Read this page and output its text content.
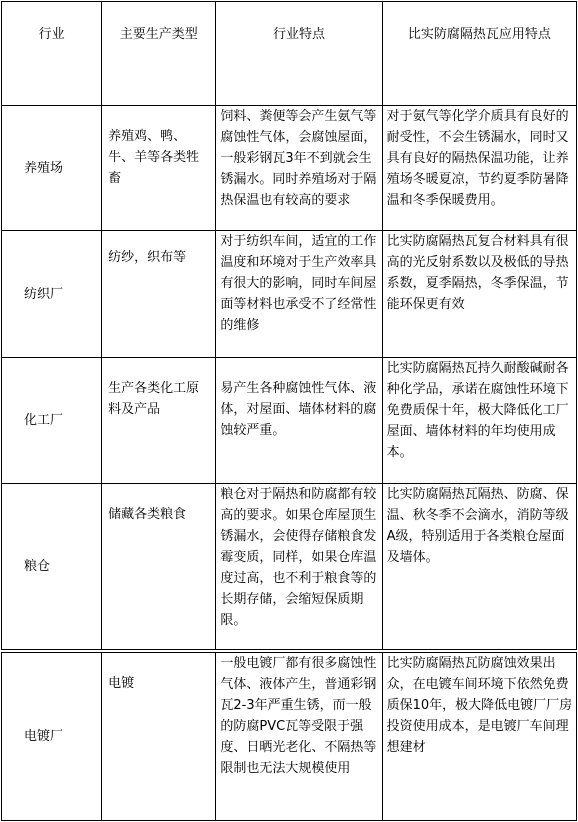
行业	主要生产类型	行业特点	比实防腐隔热瓦应用特点
养殖场	养殖鸡、鸭、牛、羊等各类牲畜	饲料、粪便等会产生氨气等腐蚀性气体，会腐蚀屋面，一般彩钢瓦3年不到就会生锈漏水。同时养殖场对于隔热保温也有较高的要求	对于氨气等化学介质具有良好的耐受性，不会生锈漏水，同时又具有良好的隔热保温功能，让养殖场冬暖夏凉，节约夏季防暑降温和冬季保暖费用。
纺织厂	纺纱，织布等	对于纺织车间，适宜的工作温度和环境对于生产效率具有很大的影响，同时车间屋面等材料也承受不了经常性的维修	比实防腐隔热瓦复合材料具有很高的光反射系数以及极低的导热系数，夏季隔热，冬季保温，节能环保更有效
化工厂	生产各类化工原料及产品	易产生各种腐蚀性气体、液体，对屋面、墙体材料的腐蚀较严重。	比实防腐隔热瓦持久耐酸碱耐各种化学品，承诺在腐蚀性环境下免费质保十年，极大降低化工厂屋面、墙体材料的年均使用成本。
粮仓	储藏各类粮食	粮仓对于隔热和防腐都有较高的要求。如果仓库屋顶生锈漏水，会使得存储粮食发霉变质，同样，如果仓库温度过高，也不利于粮食等的长期存储，会缩短保质期限。	比实防腐隔热瓦隔热、防腐、保温、秋冬季不会滴水，消防等级A级，特别适用于各类粮仓屋面及墙体。

电镀厂	电镀	一般电镀厂都有很多腐蚀性气体、液体产生，普通彩钢瓦2-3年严重生锈，而一般的防腐PVC瓦等受限于强度、日晒光老化、不隔热等限制也无法大规模使用	比实防腐隔热瓦防腐蚀效果出众，在电镀车间环境下依然免费质保10年，极大降低电镀厂厂房投资使用成本，是电镀厂车间理想建材
